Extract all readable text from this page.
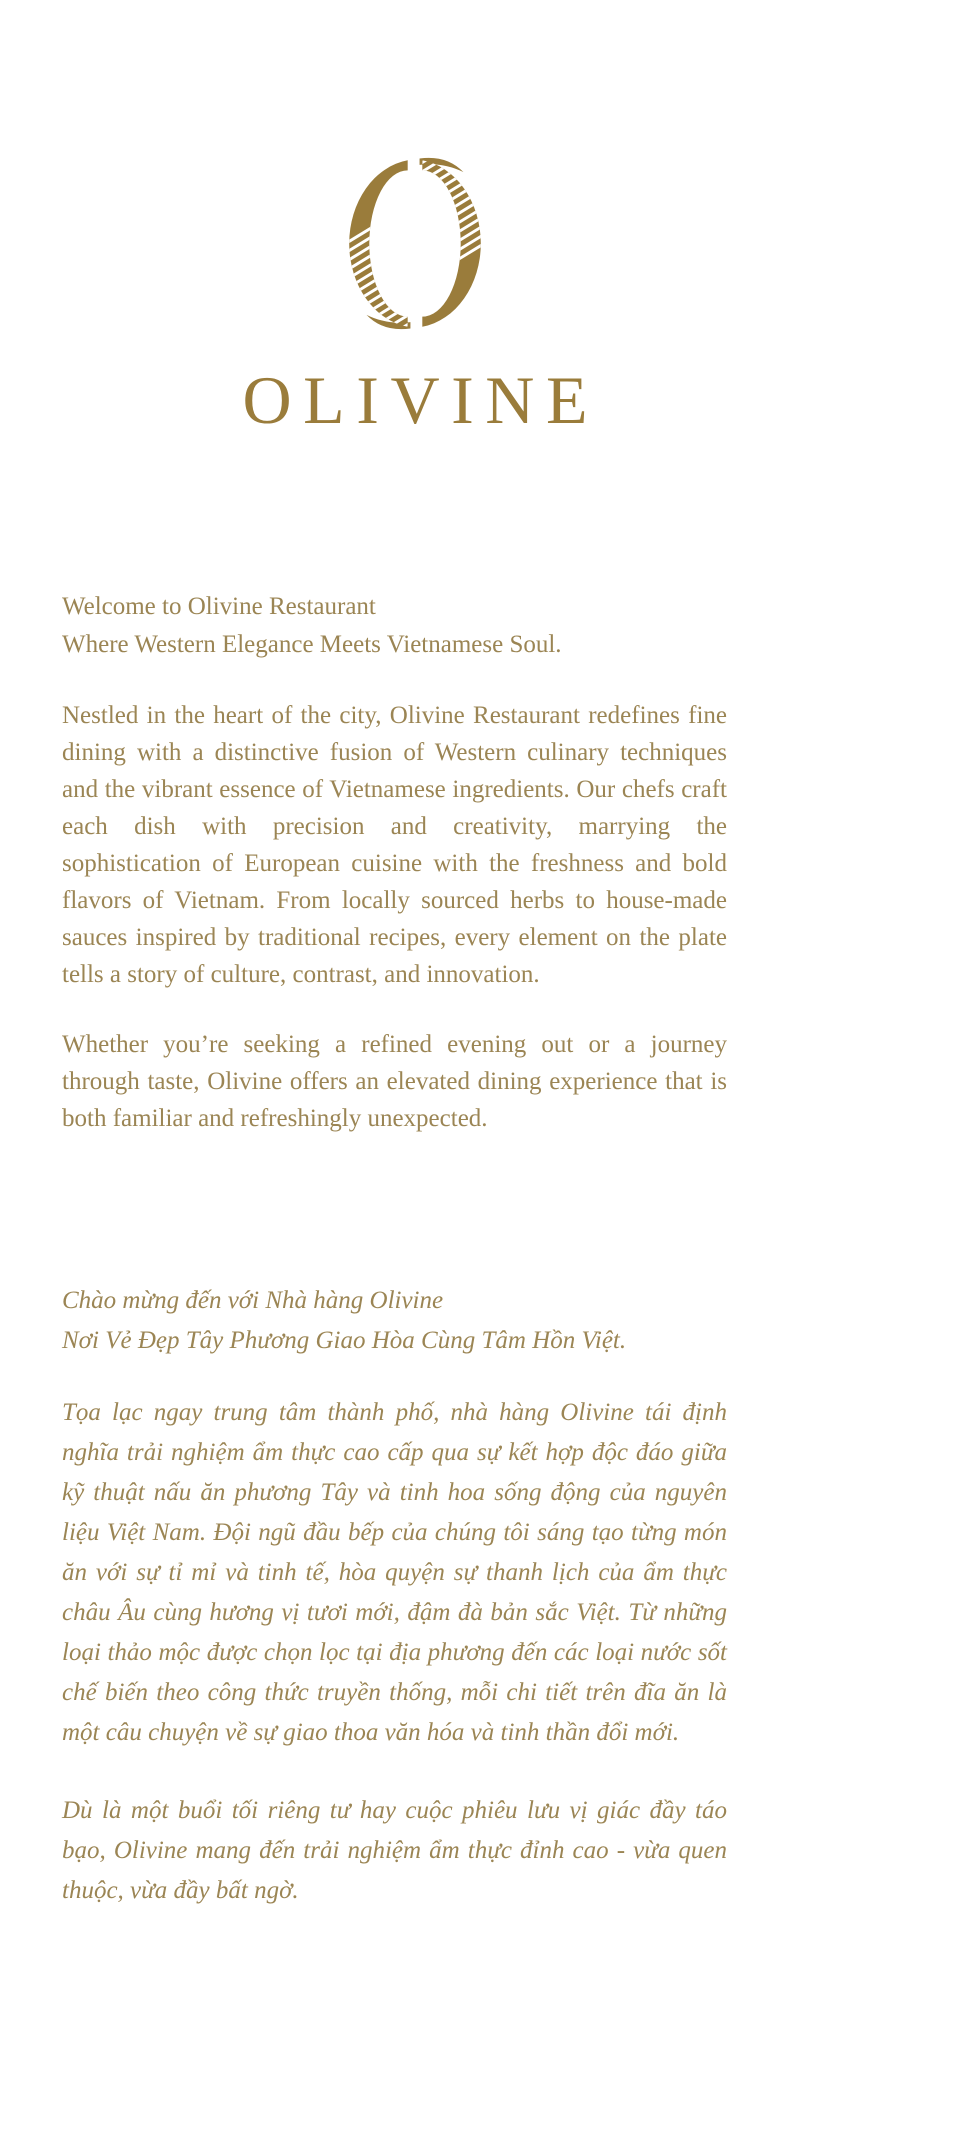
OLIVINE
Welcome to Olivine Restaurant
Where Western Elegance Meets Vietnamese Soul.

Nestled in the heart of the city, Olivine Restaurant redefines fine dining with a distinctive fusion of Western culinary techniques and the vibrant essence of Vietnamese ingredients. Our chefs craft each dish with precision and creativity, marrying the sophistication of European cuisine with the freshness and bold flavors of Vietnam. From locally sourced herbs to house-made sauces inspired by traditional recipes, every element on the plate tells a story of culture, contrast, and innovation.

Whether you’re seeking a refined evening out or a journey through taste, Olivine offers an elevated dining experience that is both familiar and refreshingly unexpected.

Chào mừng đến với Nhà hàng Olivine
Nơi Vẻ Đẹp Tây Phương Giao Hòa Cùng Tâm Hồn Việt.

Tọa lạc ngay trung tâm thành phố, nhà hàng Olivine tái định nghĩa trải nghiệm ẩm thực cao cấp qua sự kết hợp độc đáo giữa kỹ thuật nấu ăn phương Tây và tinh hoa sống động của nguyên liệu Việt Nam. Đội ngũ đầu bếp của chúng tôi sáng tạo từng món ăn với sự tỉ mỉ và tinh tế, hòa quyện sự thanh lịch của ẩm thực châu Âu cùng hương vị tươi mới, đậm đà bản sắc Việt. Từ những loại thảo mộc được chọn lọc tại địa phương đến các loại nước sốt chế biến theo công thức truyền thống, mỗi chi tiết trên đĩa ăn là một câu chuyện về sự giao thoa văn hóa và tinh thần đổi mới.

Dù là một buổi tối riêng tư hay cuộc phiêu lưu vị giác đầy táo bạo, Olivine mang đến trải nghiệm ẩm thực đỉnh cao - vừa quen thuộc, vừa đầy bất ngờ.
